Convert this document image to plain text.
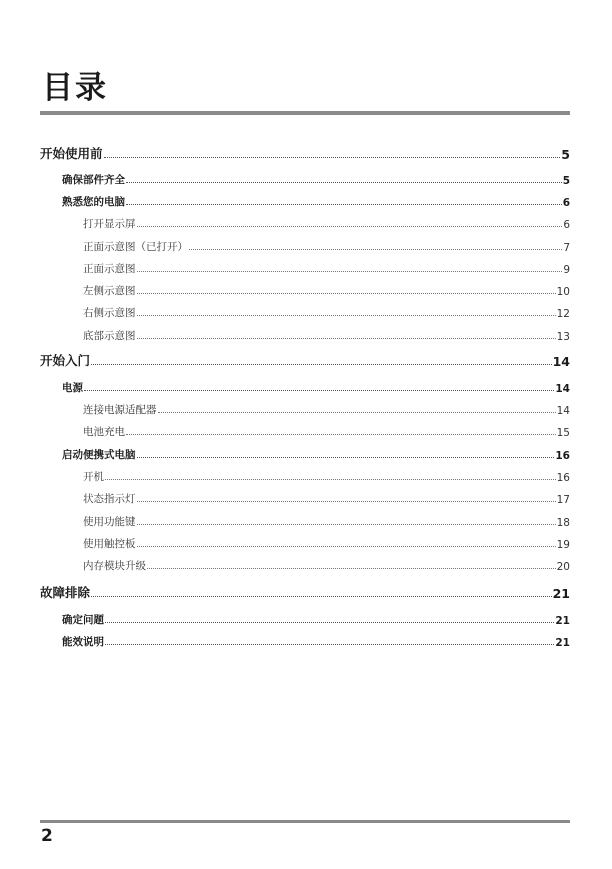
目录
开始使用前	5
确保部件齐全	5
熟悉您的电脑	6
打开显示屏	6
正面示意图（已打开）	7
正面示意图	9
左侧示意图	10
右侧示意图	12
底部示意图	13
开始入门	14
电源	14
连接电源适配器	14
电池充电	15
启动便携式电脑	16
开机	16
状态指示灯	17
使用功能键	18
使用触控板	19
内存模块升级	20
故障排除	21
确定问题	21
能效说明	21
2
